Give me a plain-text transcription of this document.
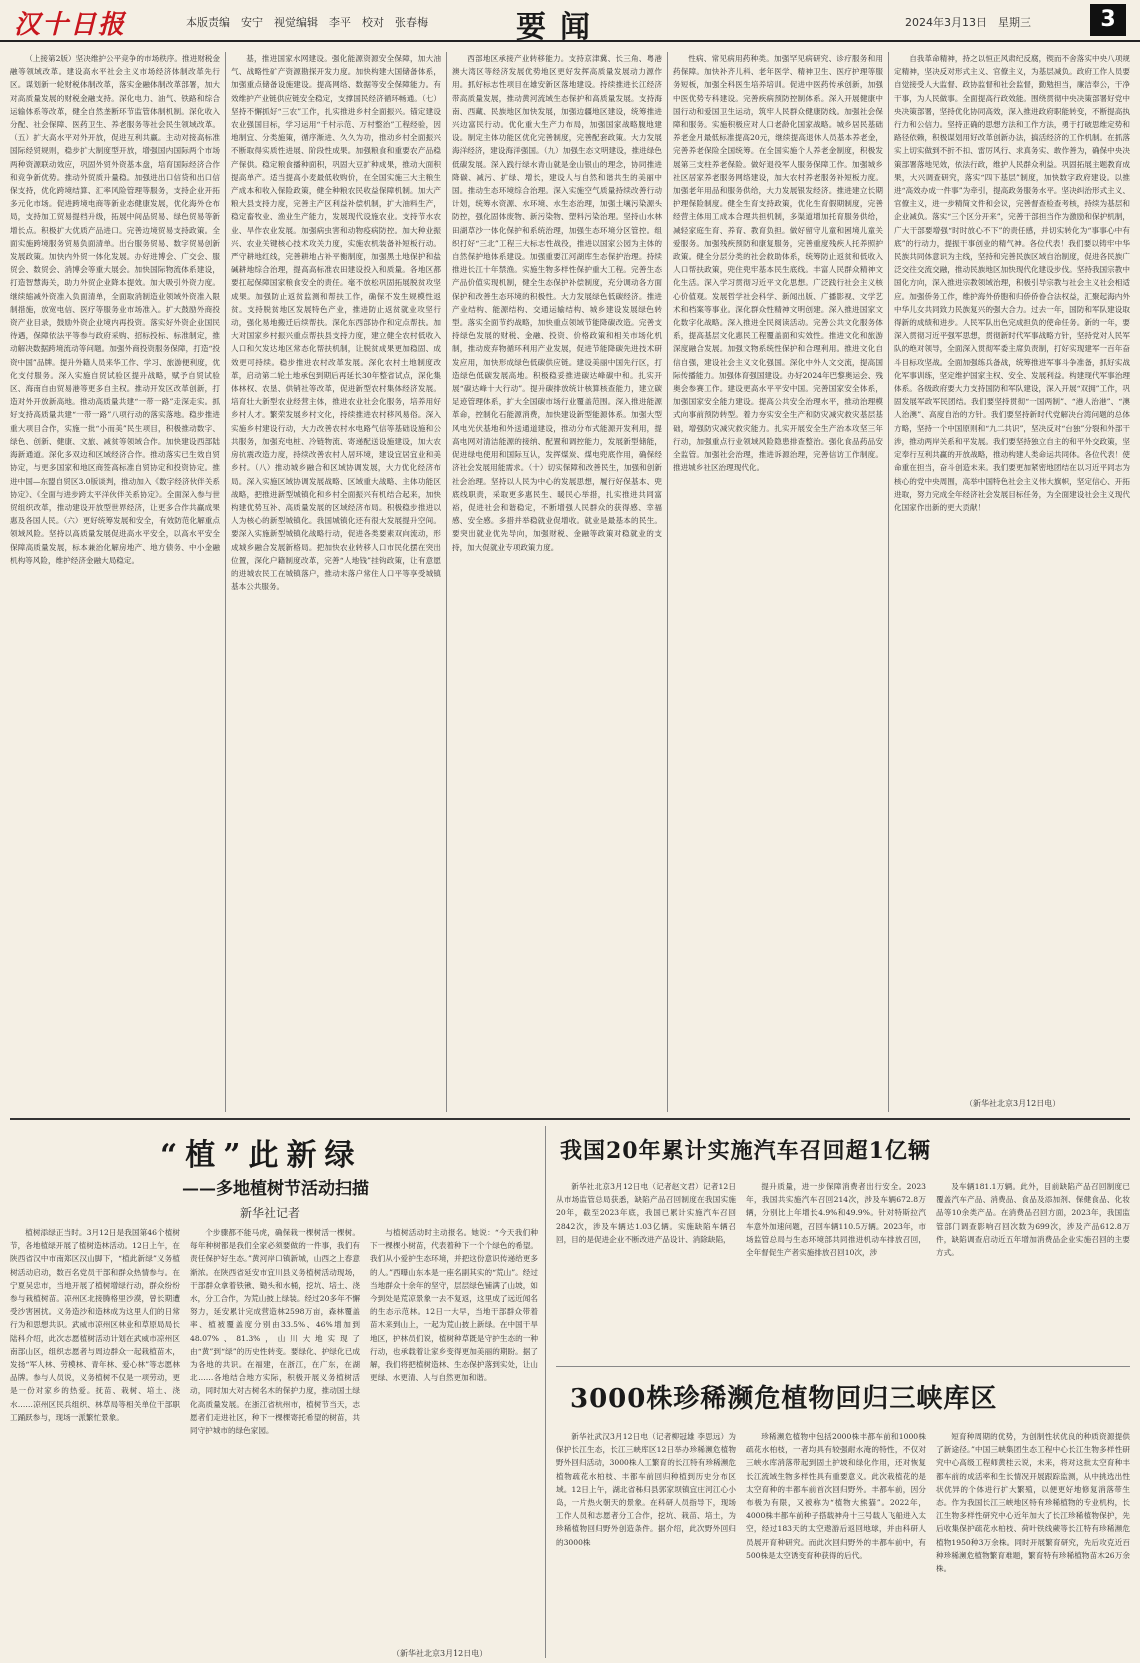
汉十日报	本版责编　安宁　视觉编辑　李平　校对　张春梅	要闻	2024年3月13日　星期三	3

（上接第2版）坚决维护公平竞争的市场秩序。推进财税金融等领域改革。建设高水平社会主义市场经济体制改革先行区。谋划新一轮财税体制改革，落实金融体制改革部署，加大对高质量发展的财税金融支持。深化电力、油气、铁路和综合运输体系等改革，健全自然垄断环节监管体制机制。深化收入分配、社会保障、医药卫生、养老服务等社会民生领域改革。（五）扩大高水平对外开放，促进互利共赢。主动对接高标准国际经贸规则，稳步扩大制度型开放，增强国内国际两个市场两种资源联动效应，巩固外贸外资基本盘，培育国际经济合作和竞争新优势。推动外贸质升量稳。加强进出口信贷和出口信保支持，优化跨境结算、汇率风险管理等服务，支持企业开拓多元化市场。促进跨境电商等新业态健康发展，优化海外仓布局，支持加工贸易提档升级，拓展中间品贸易、绿色贸易等新增长点。积极扩大优质产品进口。完善边境贸易支持政策。全面实施跨境服务贸易负面清单。出台服务贸易、数字贸易创新发展政策。加快内外贸一体化发展。办好进博会、广交会、服贸会、数贸会、消博会等重大展会。加快国际物流体系建设，打造智慧海关，助力外贸企业降本提效。加大吸引外资力度。继续缩减外资准入负面清单，全面取消制造业领域外资准入限制措施，放宽电信、医疗等服务业市场准入。扩大鼓励外商投资产业目录，鼓励外资企业境内再投资。落实好外资企业国民待遇，保障依法平等参与政府采购、招标投标、标准制定，推动解决数据跨境流动等问题。加强外商投资服务保障，打造“投资中国”品牌。提升外籍人员来华工作、学习、旅游便利度，优化支付服务。深入实施自贸试验区提升战略，赋予自贸试验区、海南自由贸易港等更多自主权。推动开发区改革创新，打造对外开放新高地。推动高质量共建“一带一路”走深走实。抓好支持高质量共建“一带一路”八项行动的落实落地。稳步推进重大项目合作，实施一批“小而美”民生项目，积极推动数字、绿色、创新、健康、文旅、减贫等领域合作。加快建设西部陆海新通道。深化多双边和区域经济合作。推动落实已生效自贸协定，与更多国家和地区商签高标准自贸协定和投资协定。推进中国—东盟自贸区3.0版谈判，推动加入《数字经济伙伴关系协定》、《全面与进步跨太平洋伙伴关系协定》。全面深入参与世贸组织改革，推动建设开放型世界经济，让更多合作共赢成果惠及各国人民。（六）更好统筹发展和安全，有效防范化解重点领域风险。坚持以高质量发展促进高水平安全，以高水平安全保障高质量发展，标本兼治化解房地产、地方债务、中小金融机构等风险，维护经济金融大局稳定。

基，推进国家水网建设。强化能源资源安全保障，加大油气、战略性矿产资源勘探开发力度。加快构建大国储备体系，加强重点储备设施建设。提高网络、数据等安全保障能力。有效维护产业链供应链安全稳定，支撑国民经济循环畅通。（七）坚持不懈抓好“三农”工作，扎实推进乡村全面振兴。锚定建设农业强国目标，学习运用“千村示范、万村整治”工程经验，因地制宜、分类施策，循序渐进、久久为功，推动乡村全面振兴不断取得实质性进展、阶段性成果。加强粮食和重要农产品稳产保供。稳定粮食播种面积，巩固大豆扩种成果，推动大面积提高单产。适当提高小麦最低收购价，在全国实施三大主粮生产成本和收入保险政策，健全种粮农民收益保障机制。加大产粮大县支持力度，完善主产区利益补偿机制，扩大油料生产，稳定畜牧业、渔业生产能力，发展现代设施农业。支持节水农业、旱作农业发展。加强病虫害和动物疫病防控。加大种业振兴、农业关键核心技术攻关力度，实施农机装备补短板行动。严守耕地红线，完善耕地占补平衡制度，加强黑土地保护和盐碱耕地综合治理，提高高标准农田建设投入和质量。各地区都要扛起保障国家粮食安全的责任。毫不放松巩固拓展脱贫攻坚成果。加强防止返贫监测和帮扶工作，确保不发生规模性返贫。支持脱贫地区发展特色产业，推进防止返贫就业攻坚行动，强化易地搬迁后续帮扶。深化东西部协作和定点帮扶。加大对国家乡村振兴重点帮扶县支持力度，建立健全农村低收入人口和欠发达地区常态化帮扶机制，让脱贫成果更加稳固、成效更可持续。稳步推进农村改革发展。深化农村土地制度改革，启动第二轮土地承包到期后再延长30年整省试点，深化集体林权、农垦、供销社等改革，促进新型农村集体经济发展。培育壮大新型农业经营主体，推进农业社会化服务，培养用好乡村人才。繁荣发展乡村文化，持续推进农村移风易俗。深入实施乡村建设行动，大力改善农村水电路气信等基础设施和公共服务，加强充电桩、冷链物流、寄递配送设施建设，加大农房抗震改造力度，持续改善农村人居环境，建设宜居宜业和美乡村。（八）推动城乡融合和区域协调发展，大力优化经济布局。深入实施区域协调发展战略、区域重大战略、主体功能区战略，把推进新型城镇化和乡村全面振兴有机结合起来，加快构建优势互补、高质量发展的区域经济布局。积极稳步推进以人为核心的新型城镇化。我国城镇化还有很大发展提升空间。要深入实施新型城镇化战略行动，促进各类要素双向流动，形成城乡融合发展新格局。把加快农业转移人口市民化摆在突出位置，深化户籍制度改革，完善“人地钱”挂钩政策，让有意愿的进城农民工在城镇落户，推动未落户常住人口平等享受城镇基本公共服务。

西部地区承接产业转移能力。支持京津冀、长三角、粤港澳大湾区等经济发展优势地区更好发挥高质量发展动力源作用。抓好标志性项目在雄安新区落地建设。持续推进长江经济带高质量发展，推动黄河流域生态保护和高质量发展。支持海南、西藏、民族地区加快发展，加强边疆地区建设，统筹推进兴边富民行动。优化重大生产力布局，加强国家战略腹地建设。制定主体功能区优化完善制度，完善配套政策。大力发展海洋经济，建设海洋强国。（九）加强生态文明建设，推进绿色低碳发展。深入践行绿水青山就是金山银山的理念，协同推进降碳、减污、扩绿、增长，建设人与自然和谐共生的美丽中国。推动生态环境综合治理。深入实施空气质量持续改善行动计划，统筹水资源、水环境、水生态治理，加强土壤污染源头防控，强化固体废物、新污染物、塑料污染治理。坚持山水林田湖草沙一体化保护和系统治理，加强生态环境分区管控。组织打好“三北”工程三大标志性战役，推进以国家公园为主体的自然保护地体系建设。加强重要江河湖库生态保护治理。持续推进长江十年禁渔。实施生物多样性保护重大工程。完善生态产品价值实现机制，健全生态保护补偿制度，充分调动各方面保护和改善生态环境的积极性。大力发展绿色低碳经济。推进产业结构、能源结构、交通运输结构、城乡建设发展绿色转型。落实全面节约战略，加快重点领域节能降碳改造。完善支持绿色发展的财税、金融、投资、价格政策和相关市场化机制，推动废弃物循环利用产业发展，促进节能降碳先进技术研发应用，加快形成绿色低碳供应链。建设美丽中国先行区，打造绿色低碳发展高地。积极稳妥推进碳达峰碳中和。扎实开展“碳达峰十大行动”。提升碳排放统计核算核查能力，建立碳足迹管理体系，扩大全国碳市场行业覆盖范围。深入推进能源革命，控制化石能源消费，加快建设新型能源体系。加强大型风电光伏基地和外送通道建设，推动分布式能源开发利用，提高电网对清洁能源的接纳、配置和调控能力，发展新型储能，促进绿电使用和国际互认，发挥煤炭、煤电兜底作用，确保经济社会发展用能需求。（十）切实保障和改善民生，加强和创新社会治理。坚持以人民为中心的发展思想，履行好保基本、兜底线职责，采取更多惠民生、暖民心举措，扎实推进共同富裕，促进社会和谐稳定，不断增强人民群众的获得感、幸福感、安全感。多措并举稳就业促增收。就业是最基本的民生。要突出就业优先导向，加强财税、金融等政策对稳就业的支持，加大促就业专项政策力度。

性病、常见病用药种类。加强罕见病研究、诊疗服务和用药保障。加快补齐儿科、老年医学、精神卫生、医疗护理等服务短板，加强全科医生培养培训。促进中医药传承创新，加强中医优势专科建设。完善疾病预防控制体系。深入开展健康中国行动和爱国卫生运动，筑牢人民群众健康防线。加强社会保障和服务。实施积极应对人口老龄化国家战略。城乡居民基础养老金月最低标准提高20元，继续提高退休人员基本养老金，完善养老保险全国统筹。在全国实施个人养老金制度，积极发展第三支柱养老保险。做好退役军人服务保障工作。加强城乡社区居家养老服务网络建设，加大农村养老服务补短板力度。加强老年用品和服务供给，大力发展银发经济。推进建立长期护理保险制度。健全生育支持政策，优化生育假期制度，完善经营主体用工成本合理共担机制，多渠道增加托育服务供给，减轻家庭生育、养育、教育负担。做好留守儿童和困境儿童关爱服务。加强残疾预防和康复服务，完善重度残疾人托养照护政策。健全分层分类的社会救助体系，统筹防止返贫和低收入人口帮扶政策，兜住兜牢基本民生底线。丰富人民群众精神文化生活。深入学习贯彻习近平文化思想。广泛践行社会主义核心价值观。发展哲学社会科学、新闻出版、广播影视、文学艺术和档案等事业。深化群众性精神文明创建。深入推进国家文化数字化战略。深入推进全民阅读活动。完善公共文化服务体系，提高基层文化惠民工程覆盖面和实效性。推进文化和旅游深度融合发展。加强文物系统性保护和合理利用。推进文化自信自强，建设社会主义文化强国。深化中外人文交流，提高国际传播能力。加强体育强国建设。办好2024年巴黎奥运会、残奥会参赛工作。建设更高水平平安中国。完善国家安全体系，加强国家安全能力建设。提高公共安全治理水平，推动治理模式向事前预防转型。着力夯实安全生产和防灾减灾救灾基层基础，增强防灾减灾救灾能力。扎实开展安全生产治本攻坚三年行动，加强重点行业领域风险隐患排查整治。强化食品药品安全监管。加强社会治理，推进诉源治理，完善信访工作制度。推进城乡社区治理现代化。

自我革命精神，持之以恒正风肃纪反腐，锲而不舍落实中央八项规定精神，坚决反对形式主义、官僚主义，为基层减负。政府工作人员要自觉接受人大监督、政协监督和社会监督，勤勉担当，廉洁奉公，干净干事，为人民做事。全面提高行政效能。围绕贯彻中央决策部署好党中央决策部署，坚持优化协同高效，深入推进政府职能转变，不断提高执行力和公信力。坚持正确的思想方法和工作方法，勇于打破思维定势和路径依赖，积极谋划用好改革创新办法，搞活经济的工作机制。在抓落实上切实做到不折不扣、雷厉风行、求真务实、敢作善为，确保中央决策部署落地见效，依法行政，维护人民群众利益。巩固拓展主题教育成果，大兴调查研究，落实“四下基层”制度，加快数字政府建设。以推进“高效办成一件事”为牵引，提高政务服务水平。坚决纠治形式主义、官僚主义，进一步精简文件和会议，完善督查检查考核，持续为基层和企业减负。落实“三个区分开来”，完善干部担当作为激励和保护机制，广大干部要增强“时时放心不下”的责任感，并切实转化为“事事心中有底”的行动力，提振干事创业的精气神。各位代表！我们要以铸牢中华民族共同体意识为主线，坚持和完善民族区域自治制度，促进各民族广泛交往交流交融，推动民族地区加快现代化建设步伐。坚持我国宗教中国化方向，深入推进宗教领域治理，积极引导宗教与社会主义社会相适应。加强侨务工作，维护海外侨胞和归侨侨眷合法权益，汇聚起海内外中华儿女共同致力民族复兴的强大合力。过去一年，国防和军队建设取得新的成绩和进步。人民军队出色完成担负的使命任务。新的一年，要深入贯彻习近平强军思想，贯彻新时代军事战略方针，坚持党对人民军队的绝对领导，全面深入贯彻军委主席负责制，打好实现建军一百年奋斗目标攻坚战。全面加强练兵备战，统筹推进军事斗争准备，抓好实战化军事训练，坚定维护国家主权、安全、发展利益。构建现代军事治理体系。各级政府要大力支持国防和军队建设，深入开展“双拥”工作，巩固发展军政军民团结。我们要坚持贯彻“一国两制”、“港人治港”、“澳人治澳”、高度自治的方针。我们要坚持新时代党解决台湾问题的总体方略，坚持一个中国原则和“九二共识”，坚决反对“台独”分裂和外部干涉，推动两岸关系和平发展。我们要坚持独立自主的和平外交政策，坚定奉行互利共赢的开放战略，推动构建人类命运共同体。各位代表！使命重在担当，奋斗创造未来。我们要更加紧密地团结在以习近平同志为核心的党中央周围，高举中国特色社会主义伟大旗帜，坚定信心、开拓进取，努力完成全年经济社会发展目标任务，为全面建设社会主义现代化国家作出新的更大贡献！

（新华社北京3月12日电）
“植”此新绿
——多地植树节活动扫描
新华社记者

植树添绿正当时。3月12日是我国第46个植树节，各地植绿开展了植树造林活动。12日上午，在陕西省汉中市南郑区汉山脚下，“植此新绿”义务植树活动启动，数百名党员干部和群众热情参与。在宁夏吴忠市，当地开展了植树增绿行动，群众纷纷参与栽植树苗。凉州区北接腾格里沙漠，曾长期遭受沙害困扰。义务造沙和造林成为这里人们的日常行为和思想共识。武威市凉州区林业和草原局局长陆科介绍，此次志愿植树活动计划在武威市凉州区南部山区，组织志愿者与周边群众一起栽植苗木，发扬“军人林、劳模林、青年林、爱心林”等志愿林品牌。参与人员说，义务植树不仅是一项劳动，更是一份对家乡的热爱。抚苗、栽树、培土、浇水……凉州区民兵组织、林草局等相关单位干部职工踊跃参与，现场一派繁忙景象。

个步骤都不能马虎，确保栽一棵树活一棵树。每年种树都是我们全家必须要做的一件事，我们有责任保护好生态。”黄河岸口镇新城，山西之上春意渐浓。在陕西省延安市宜川县义务植树活动现场，干部群众拿着铁锹、锄头和水桶，挖坑、培土、浇水，分工合作，为荒山披上绿装。经过20多年不懈努力，延安累计完成营造林2598万亩，森林覆盖率、植被覆盖度分别由33.5%、46%增加到48.07%、81.3%，山川大地实现了由“黄”到“绿”的历史性转变。要绿化、护绿化已成为各地的共识。在福建，在浙江，在广东，在湖北……各地结合地方实际，积极开展义务植树活动，同时加大对古树名木的保护力度，推动国土绿化高质量发展。在浙江省杭州市，植树节当天，志愿者们走进社区，种下一棵棵寄托希望的树苗，共同守护城市的绿色家园。

与植树活动时主动报名。她说：“今天我们种下一棵棵小树苗，代表着种下一个个绿色的希望。我们从小爱护生态环境，并把这份意识传递给更多的人。”西曝山东本是一座名副其实的“荒山”。经过当地群众十余年的坚守，层层绿色铺满了山坡，如今到处是荒凉景象一去不复返，这里成了远近闻名的生态示范林。12日一大早，当地干部群众带着苗木来到山上，一起为荒山披上新绿。在中国干旱地区，护林员们说，植树种草既是守护生态的一种行动，也承载着让家乡变得更加美丽的期盼。据了解，我们将把植树造林、生态保护落到实处，让山更绿、水更清、人与自然更加和谐。

（新华社北京3月12日电）
我国20年累计实施汽车召回超1亿辆

新华社北京3月12日电（记者赵文君）记者12日从市场监管总局获悉，缺陷产品召回制度在我国实施20年，截至2023年底，我国已累计实施汽车召回2842次，涉及车辆达1.03亿辆。实施缺陷车辆召回，目的是促进企业不断改进产品设计、消除缺陷，

提升质量，进一步保障消费者出行安全。2023年，我国共实施汽车召回214次，涉及车辆672.8万辆，分别比上年增长4.9%和49.9%。针对特斯拉汽车意外加速问题，召回车辆110.5万辆。2023年，市场监管总局与生态环境部共同推进机动车排放召回，全年督促生产者实施排放召回10次，涉

及车辆181.1万辆。此外，目前缺陷产品召回制度已覆盖汽车产品、消费品、食品及添加剂、保健食品、化妆品等10余类产品。在消费品召回方面，2023年，我国监管部门调查影响召回次数为699次，涉及产品612.8万件，缺陷调查启动近五年增加消费品企业实施召回的主要方式。

3000株珍稀濒危植物回归三峡库区

新华社武汉3月12日电（记者柳冠雄 李思远）为保护长江生态，长江三峡库区12日举办珍稀濒危植物野外回归活动，3000株人工繁育的长江特有珍稀濒危植物疏花水柏枝、丰都车前回归种植到历史分布区域。12日上午，湖北省秭归县郭家坝镇宜庄河江心小岛，一片热火朝天的景象。在科研人员指导下，现场工作人员和志愿者分工合作，挖坑、栽苗、培土，为珍稀植物回归野外创造条件。据介绍，此次野外回归的3000株

珍稀濒危植物中包括2000株丰都车前和1000株疏花水柏枝，一者均具有较强耐水淹的特性，不仅对三峡水库消落带起到固土护坡和绿化作用，还对恢复长江流域生物多样性具有重要意义。此次栽植花的是太空育种的丰都车前首次回归野外。丰都车前，因分布极为有限，又被称为“植物大熊猫”。2022年，4000株丰都车前种子搭载神舟十三号载人飞船进入太空，经过183天的太空遨游后返回地球，并由科研人员展开育种研究。而此次回归野外的丰都车前中，有500株是太空诱变育种获得的后代。

短育种周期的优势，为创制性状优良的种质资源提供了新途径。”中国三峡集团生态工程中心长江生物多样性研究中心高级工程师黄桂云说，未来，将对这批太空育种丰都车前的成活率和生长情况开展跟踪监测，从中挑选出性状优异的个体进行扩大繁殖，以便更好地修复消落带生态。作为我国长江三峡地区特有珍稀植物的专业机构，长江生物多样性研究中心近年加大了长江珍稀植物保护，先后收集保护疏花水柏枝、荷叶铁线蕨等长江特有珍稀濒危植物1950种3万余株。同时开展繁育研究，先后攻克近百种珍稀濒危植物繁育难题，繁育特有珍稀植物苗木26万余株。
